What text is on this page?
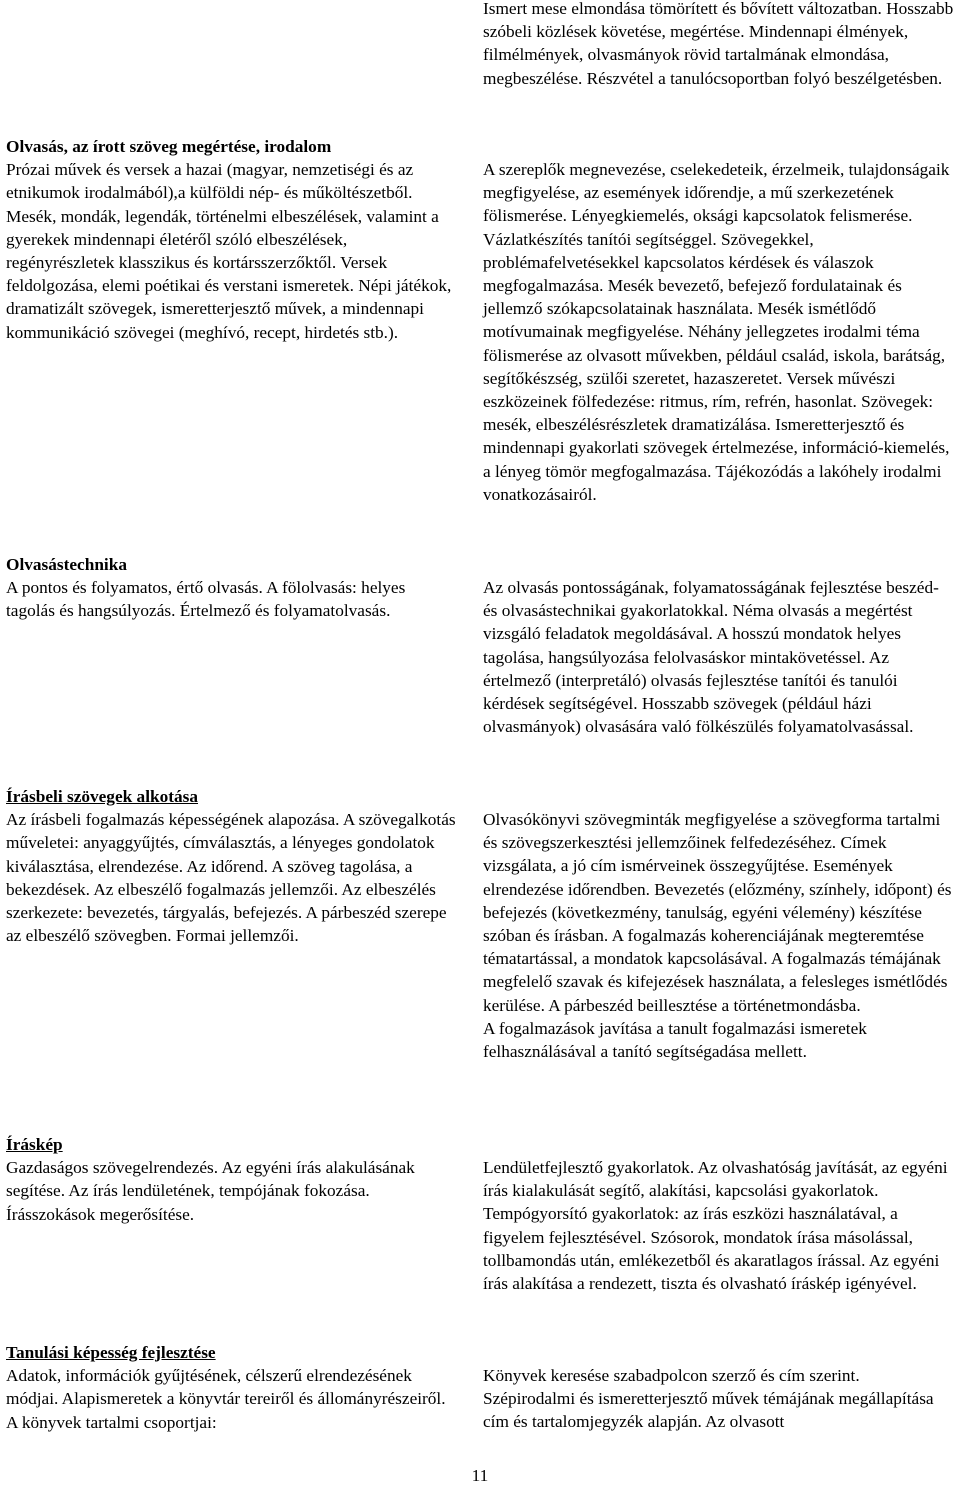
Ismert mese elmondása tömörített és bővített változatban. Hosszabb szóbeli közlések követése, megértése. Mindennapi élmények, filmélmények, olvasmányok rövid tartalmának elmondása, megbeszélése. Részvétel a tanulócsoportban folyó beszélgetésben.

Olvasás, az írott szöveg megértése, irodalom

Prózai művek és versek a hazai (magyar, nemzetiségi és az etnikumok irodalmából),a külföldi nép- és műköltészetből. Mesék, mondák, legendák, történelmi elbeszélések, valamint a gyerekek mindennapi életéről szóló elbeszélések, regényrészletek klasszikus és kortársszerzőktől. Versek feldolgozása, elemi poétikai és verstani ismeretek. Népi játékok, dramatizált szövegek, ismeretterjesztő művek, a mindennapi kommunikáció szövegei (meghívó, recept, hirdetés stb.).

A szereplők megnevezése, cselekedeteik, érzelmeik, tulajdonságaik megfigyelése, az események időrendje, a mű szerkezetének fölismerése. Lényegkiemelés, oksági kapcsolatok felismerése. Vázlatkészítés tanítói segítséggel. Szövegekkel, problémafelvetésekkel kapcsolatos kérdések és válaszok megfogalmazása. Mesék bevezető, befejező fordulatainak és jellemző szókapcsolatainak használata. Mesék ismétlődő motívumainak megfigyelése. Néhány jellegzetes irodalmi téma fölismerése az olvasott művekben, például család, iskola, barátság, segítőkészség, szülői szeretet, hazaszeretet. Versek művészi eszközeinek fölfedezése: ritmus, rím, refrén, hasonlat. Szövegek: mesék, elbeszélésrészletek dramatizálása. Ismeretterjesztő és mindennapi gyakorlati szövegek értelmezése, információ-kiemelés, a lényeg tömör megfogalmazása. Tájékozódás a lakóhely irodalmi vonatkozásairól.

Olvasástechnika

A pontos és folyamatos, értő olvasás. A fölolvasás: helyes tagolás és hangsúlyozás. Értelmező és folyamatolvasás.

Az olvasás pontosságának, folyamatosságának fejlesztése beszéd- és olvasástechnikai gyakorlatokkal. Néma olvasás a megértést vizsgáló feladatok megoldásával. A hosszú mondatok helyes tagolása, hangsúlyozása felolvasáskor mintakövetéssel. Az értelmező (interpretáló) olvasás fejlesztése tanítói és tanulói kérdések segítségével. Hosszabb szövegek (például házi olvasmányok) olvasására való fölkészülés folyamatolvasással.

Írásbeli szövegek alkotása

Az írásbeli fogalmazás képességének alapozása. A szövegalkotás műveletei: anyaggyűjtés, címválasztás, a lényeges gondolatok kiválasztása, elrendezése. Az időrend. A szöveg tagolása, a bekezdések. Az elbeszélő fogalmazás jellemzői. Az elbeszélés szerkezete: bevezetés, tárgyalás, befejezés. A párbeszéd szerepe az elbeszélő szövegben. Formai jellemzői.

Olvasókönyvi szövegminták megfigyelése a szövegforma tartalmi és szövegszerkesztési jellemzőinek felfedezéséhez. Címek vizsgálata, a jó cím ismérveinek összegyűjtése. Események elrendezése időrendben. Bevezetés (előzmény, színhely, időpont) és befejezés (következmény, tanulság, egyéni vélemény) készítése szóban és írásban. A fogalmazás koherenciájának megteremtése tématartással, a mondatok kapcsolásával. A fogalmazás témájának megfelelő szavak és kifejezések használata, a felesleges ismétlődés kerülése. A párbeszéd beillesztése a történetmondásba.

A fogalmazások javítása a tanult fogalmazási ismeretek felhasználásával a tanító segítségadása mellett.

Íráskép

Gazdaságos szövegelrendezés. Az egyéni írás alakulásának segítése. Az írás lendületének, tempójának fokozása. Írásszokások megerősítése.

Lendületfejlesztő gyakorlatok. Az olvashatóság javítását, az egyéni írás kialakulását segítő, alakítási, kapcsolási gyakorlatok. Tempógyorsító gyakorlatok: az írás eszközi használatával, a figyelem fejlesztésével. Szósorok, mondatok írása másolással, tollbamondás után, emlékezetből és akaratlagos írással. Az egyéni írás alakítása a rendezett, tiszta és olvasható íráskép igényével.

Tanulási képesség fejlesztése

Adatok, információk gyűjtésének, célszerű elrendezésének módjai. Alapismeretek a könyvtár tereiről és állományrészeiről. A könyvek tartalmi csoportjai:

Könyvek keresése szabadpolcon szerző és cím szerint. Szépirodalmi és ismeretterjesztő művek témájának megállapítása cím és tartalomjegyzék alapján. Az olvasott

11
